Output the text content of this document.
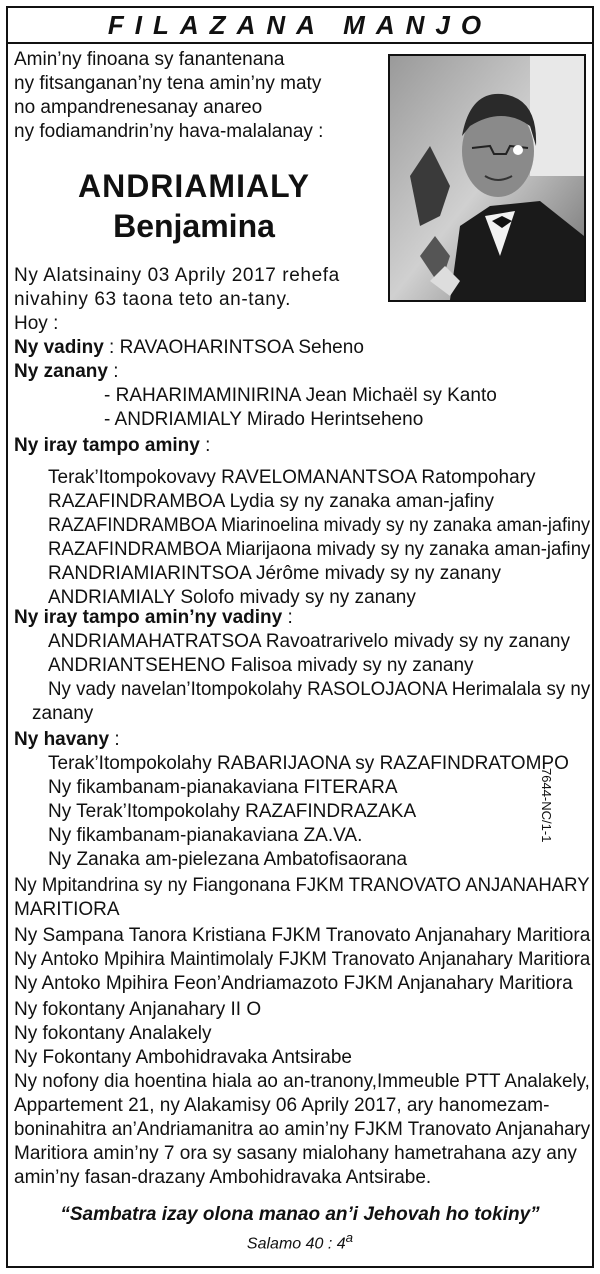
FILAZANA MANJO
Amin’ny finoana sy fanantenana
ny fitsanganan’ny tena amin’ny maty
no ampandrenesanay anareo
ny fodiamandrin’ny hava-malalanay :
ANDRIAMIALY
Benjamina
Ny Alatsinainy 03 Aprily 2017 rehefa
nivahiny 63 taona teto an-tany.
Hoy :
Ny vadiny : RAVAOHARINTSOA Seheno
Ny zanany :
- RAHARIMAMINIRINA Jean Michaël sy Kanto
- ANDRIAMIALY Mirado Herintseheno
Ny iray tampo aminy :
Terak’Itompokovavy RAVELOMANANTSOA Ratompohary
RAZAFINDRAMBOA Lydia sy ny zanaka aman-jafiny
RAZAFINDRAMBOA Miarinoelina mivady sy ny zanaka aman-jafiny
RAZAFINDRAMBOA Miarijaona mivady sy ny zanaka aman-jafiny
RANDRIAMIARINTSOA Jérôme mivady sy ny zanany
ANDRIAMIALY Solofo mivady sy ny zanany
Ny iray tampo amin’ny vadiny :
ANDRIAMAHATRATSOA Ravoatrarivelo mivady sy ny zanany
ANDRIANTSEHENO Falisoa mivady sy ny zanany
Ny vady navelan’Itompokolahy RASOLOJAONA Herimalala sy ny
zanany
Ny havany :
Terak’Itompokolahy RABARIJAONA sy RAZAFINDRATOMPO
Ny fikambanam-pianakaviana FITERARA
Ny Terak’Itompokolahy RAZAFINDRAZAKA
Ny fikambanam-pianakaviana ZA.VA.
Ny Zanaka am-pielezana Ambatofisaorana
7644-NC/1-1
Ny Mpitandrina sy ny Fiangonana FJKM TRANOVATO ANJANAHARY
MARITIORA
Ny Sampana Tanora Kristiana FJKM Tranovato Anjanahary Maritiora
Ny Antoko Mpihira Maintimolaly FJKM Tranovato Anjanahary Maritiora
Ny Antoko Mpihira Feon’Andriamazoto FJKM Anjanahary Maritiora
Ny fokontany Anjanahary II O
Ny fokontany Analakely
Ny Fokontany Ambohidravaka Antsirabe
Ny nofony dia hoentina hiala ao an-tranony,Immeuble PTT Analakely,
Appartement 21, ny Alakamisy 06 Aprily 2017, ary hanomezam-
boninahitra an’Andriamanitra ao amin’ny FJKM Tranovato Anjanahary
Maritiora amin’ny 7 ora sy sasany mialohany hametrahana azy any
amin’ny fasan-drazany Ambohidravaka Antsirabe.
“Sambatra izay olona manao an’i Jehovah ho tokiny”
Salamo 40 : 4$^a$
